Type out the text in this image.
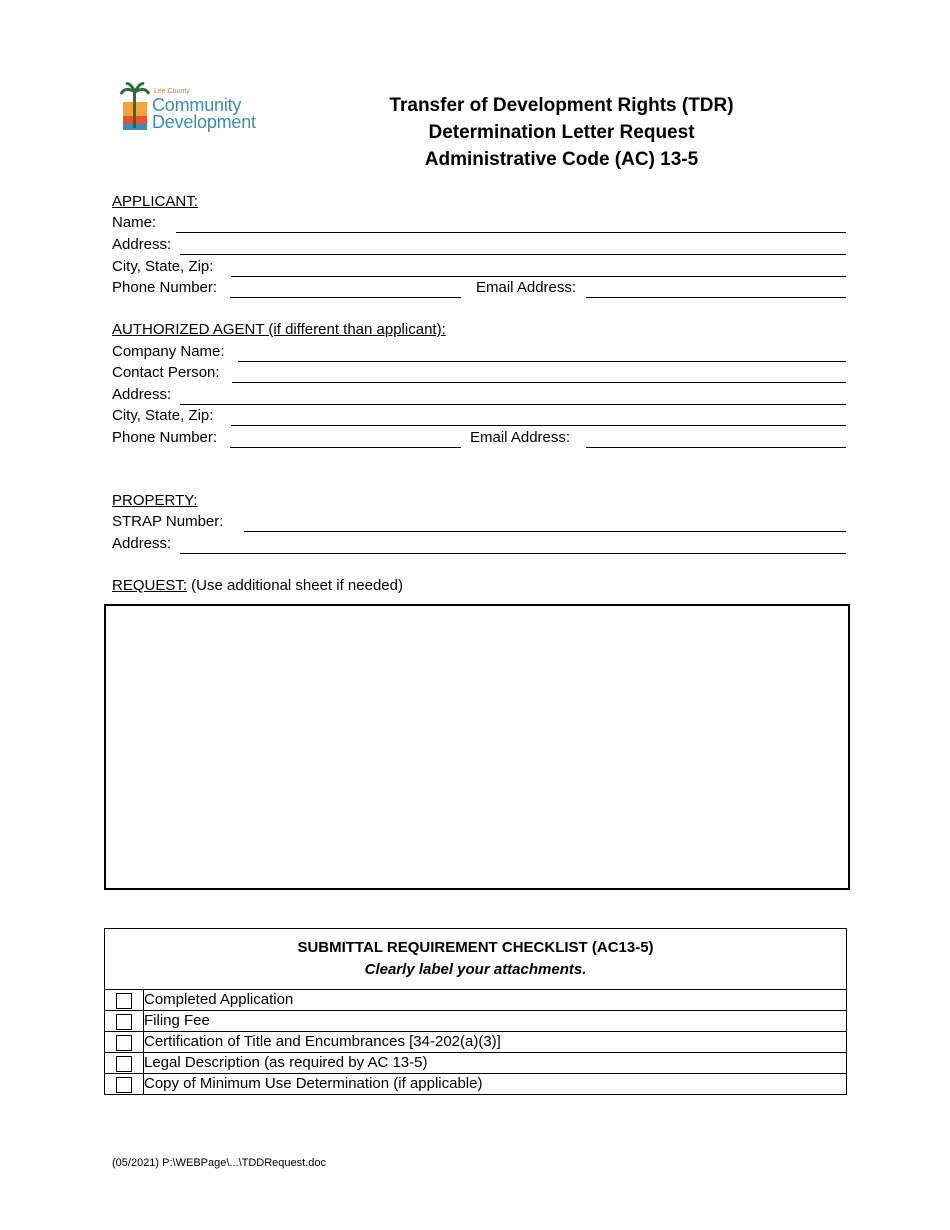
Lee County
Community
Development
Transfer of Development Rights (TDR)
Determination Letter Request
Administrative Code (AC) 13-5
APPLICANT:
Name:
Address:
City, State, Zip:
Phone Number:	Email Address:
AUTHORIZED AGENT (if different than applicant):
Company Name:
Contact Person:
Address:
City, State, Zip:
Phone Number:	Email Address:
PROPERTY:
STRAP Number:
Address:
REQUEST: (Use additional sheet if needed)
SUBMITTAL REQUIREMENT CHECKLIST (AC13-5)
Clearly label your attachments.	

	Completed Application
	Filing Fee
	Certification of Title and Encumbrances [34-202(a)(3)]
	Legal Description (as required by AC 13-5)
	Copy of Minimum Use Determination (if applicable)
(05/2021) P:\WEBPage\...\TDDRequest.doc
